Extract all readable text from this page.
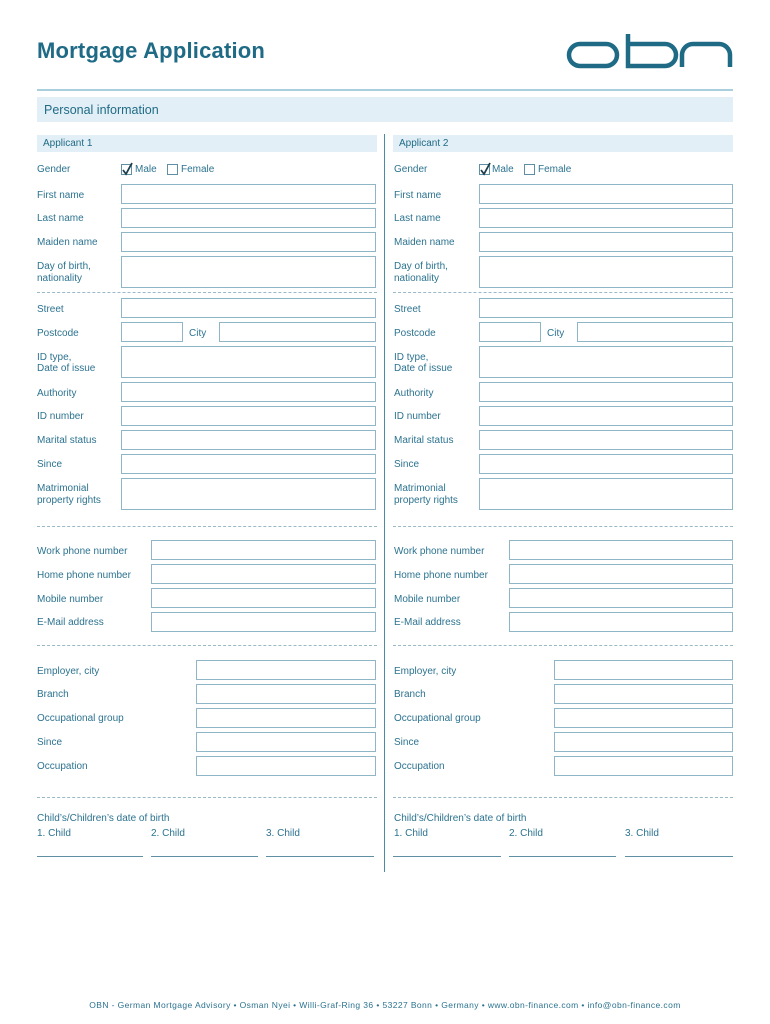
Mortgage Application
Personal information
Applicant 1
Gender	Male Female
First name
Last name
Maiden name
Day of birth,
nationality
Street
Postcode	City
ID type,
Date of issue
Authority
ID number
Marital status
Since
Matrimonial
property rights
Work phone number
Home phone number
Mobile number
E-Mail address
Employer, city
Branch
Occupational group
Since
Occupation
Child’s/Children’s date of birth
1. Child	2. Child	3. Child
Applicant 2
Gender	Male Female
First name
Last name
Maiden name
Day of birth,
nationality
Street
Postcode	City
ID type,
Date of issue
Authority
ID number
Marital status
Since
Matrimonial
property rights
Work phone number
Home phone number
Mobile number
E-Mail address
Employer, city
Branch
Occupational group
Since
Occupation
Child’s/Children’s date of birth
1. Child	2. Child	3. Child
OBN - German Mortgage Advisory • Osman Nyei • Willi-Graf-Ring 36 • 53227 Bonn • Germany • www.obn-finance.com • info@obn-finance.com
